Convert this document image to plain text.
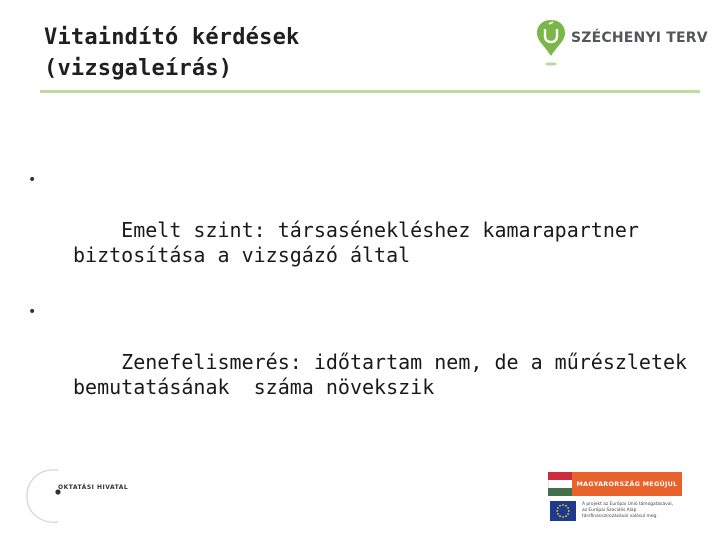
Vitaindító kérdések
(vizsgaleírás)
SZÉCHENYI TERV

•

Emelt szint: társaséneklés​hez kamarapartner biztosítása a vizsgázó által

•

Zenefelismerés: időtartam nem, de a műrészletek bemutatásának  száma növekszik

OKTATÁSI HIVATAL	MAGYARORSZÁG MEGÚJUL
A projekt az Európai Unió támogatásával,
az Európai Szociális Alap
társfinanszírozásával valósul meg.
